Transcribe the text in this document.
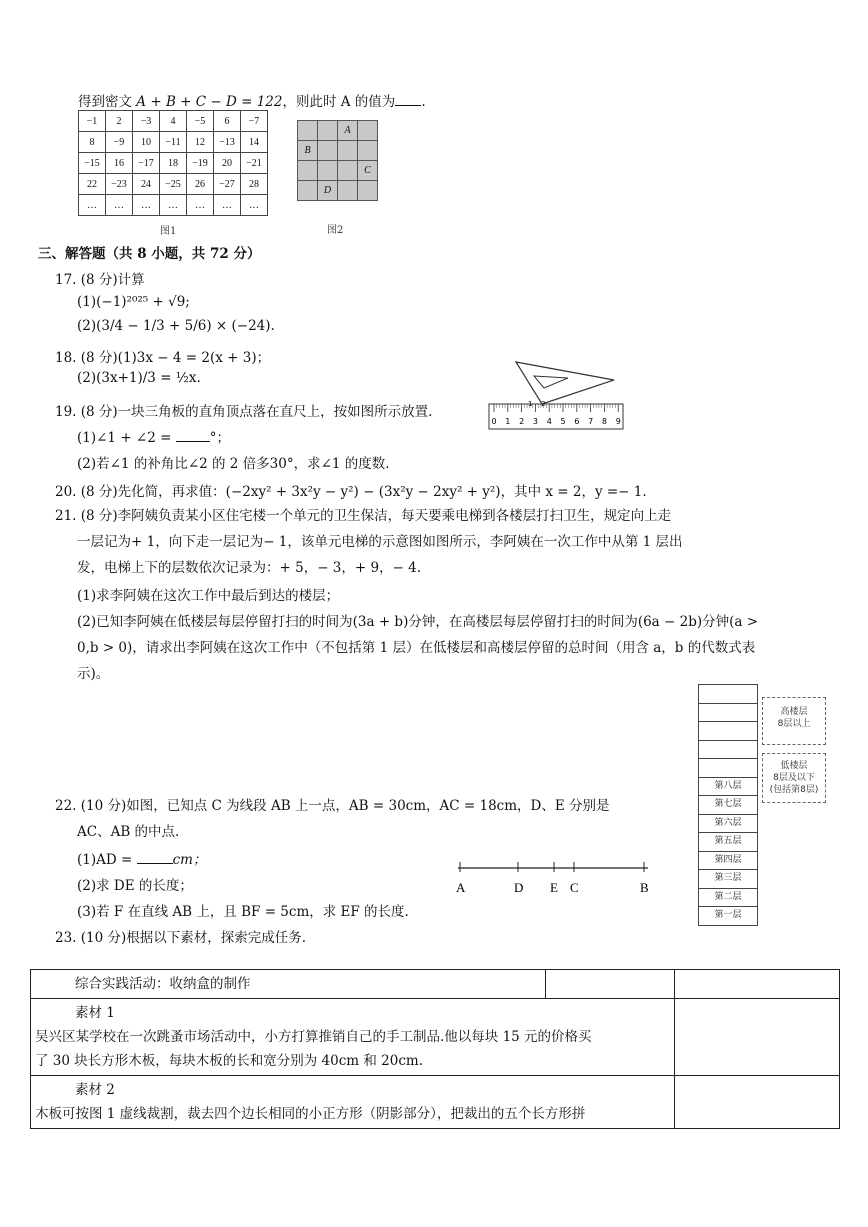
得到密文 A + B + C − D = 122，则此时 A 的值为 .
−1	2	−3	4	−5	6	−7
8	−9	10	−11	12	−13	14
−15	16	−17	18	−19	20	−21
22	−23	24	−25	26	−27	28
…	…	…	…	…	…	…
图1
		A	
B			
			C
	D		
图2
三、解答题（共 8 小题，共 72 分）
17. (8 分)计算
(1)(−1)²⁰²⁵ + √9;
(2)(3/4 − 1/3 + 5/6) × (−24).
18. (8 分)(1)3x − 4 = 2(x + 3)；
(2)(3x+1)/3 = ½x.
19. (8 分)一块三角板的直角顶点落在直尺上，按如图所示放置.
(1)∠1 + ∠2 =	°；
(2)若∠1 的补角比∠2 的 2 倍多30°，求∠1 的度数.
0 1 2 3 4 5 6 7 8 9
1 2
20. (8 分)先化简，再求值：(−2xy² + 3x²y − y²) − (3x²y − 2xy² + y²)，其中 x = 2，y =− 1.
21. (8 分)李阿姨负责某小区住宅楼一个单元的卫生保洁，每天要乘电梯到各楼层打扫卫生，规定向上走
一层记为+ 1，向下走一层记为− 1，该单元电梯的示意图如图所示，李阿姨在一次工作中从第 1 层出
发，电梯上下的层数依次记录为：+ 5，− 3，+ 9，− 4.
(1)求李阿姨在这次工作中最后到达的楼层；
(2)已知李阿姨在低楼层每层停留打扫的时间为(3a + b)分钟，在高楼层每层停留打扫的时间为(6a − 2b)分钟(a >
0,b > 0)，请求出李阿姨在这次工作中（不包括第 1 层）在低楼层和高楼层停留的总时间（用含 a，b 的代数式表
示)。
第八层
第七层
第六层
第五层
第四层
第三层
第二层
第一层
高楼层
8层以上
低楼层
8层及以下
(包括第8层)
22. (10 分)如图，已知点 C 为线段 AB 上一点，AB = 30cm，AC = 18cm，D、E 分别是
AC、AB 的中点.
(1)AD =	cm；
(2)求 DE 的长度；
(3)若 F 在直线 AB 上，且 BF = 5cm，求 EF 的长度.
A	D E C	B
23. (10 分)根据以下素材，探索完成任务.
综合实践活动：收纳盒的制作		

素材 1
吴兴区某学校在一次跳蚤市场活动中，小方打算推销自己的手工制品.他以每块 15 元的价格买
了 30 块长方形木板，每块木板的长和宽分别为 40cm 和 20cm.		

素材 2
木板可按图 1 虚线裁割，裁去四个边长相同的小正方形（阴影部分），把裁出的五个长方形拼		
